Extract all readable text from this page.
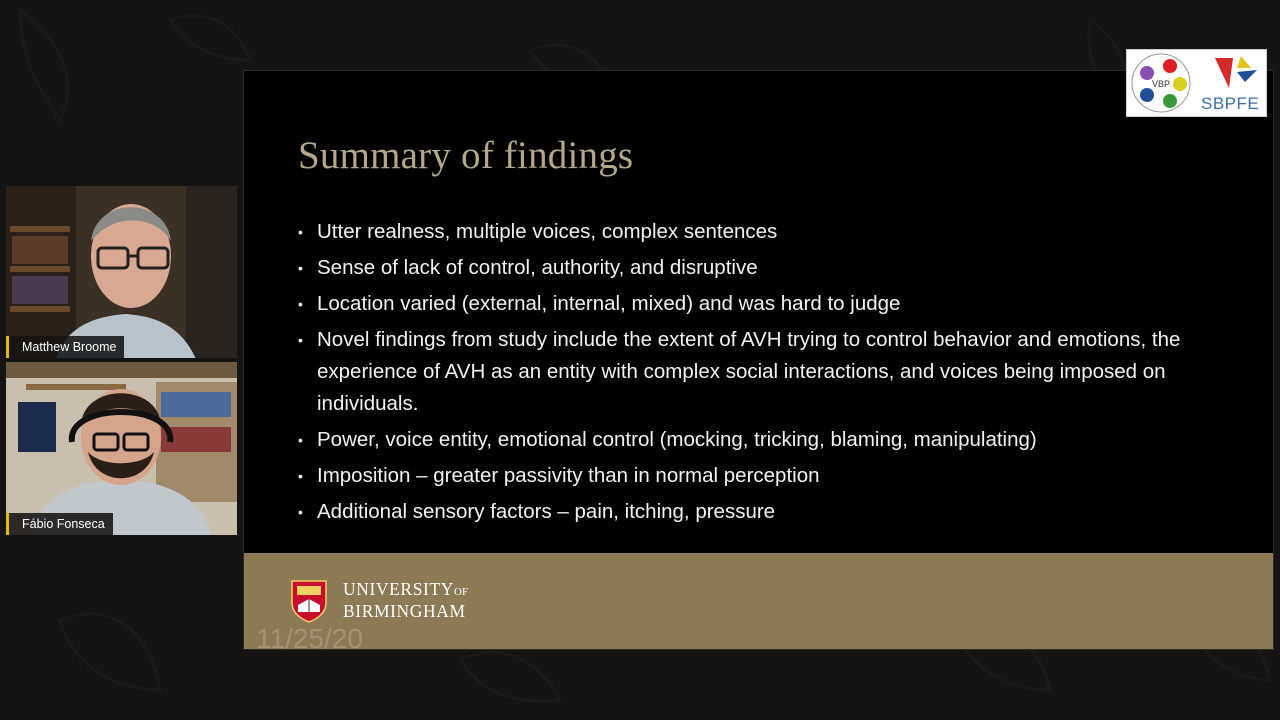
Summary of findings
• Utter realness, multiple voices, complex sentences
• Sense of lack of control, authority, and disruptive
• Location varied (external, internal, mixed) and was hard to judge
• Novel findings from study include the extent of AVH trying to control behavior and emotions, the experience of AVH as an entity with complex social interactions, and voices being imposed on individuals.
• Power, voice entity, emotional control (mocking, tricking, blaming, manipulating)
• Imposition – greater passivity than in normal perception
• Additional sensory factors – pain, itching, pressure
UNIVERSITYOF
BIRMINGHAM
11/25/20
VBP
SBPFE
Matthew Broome
Fábio Fonseca
